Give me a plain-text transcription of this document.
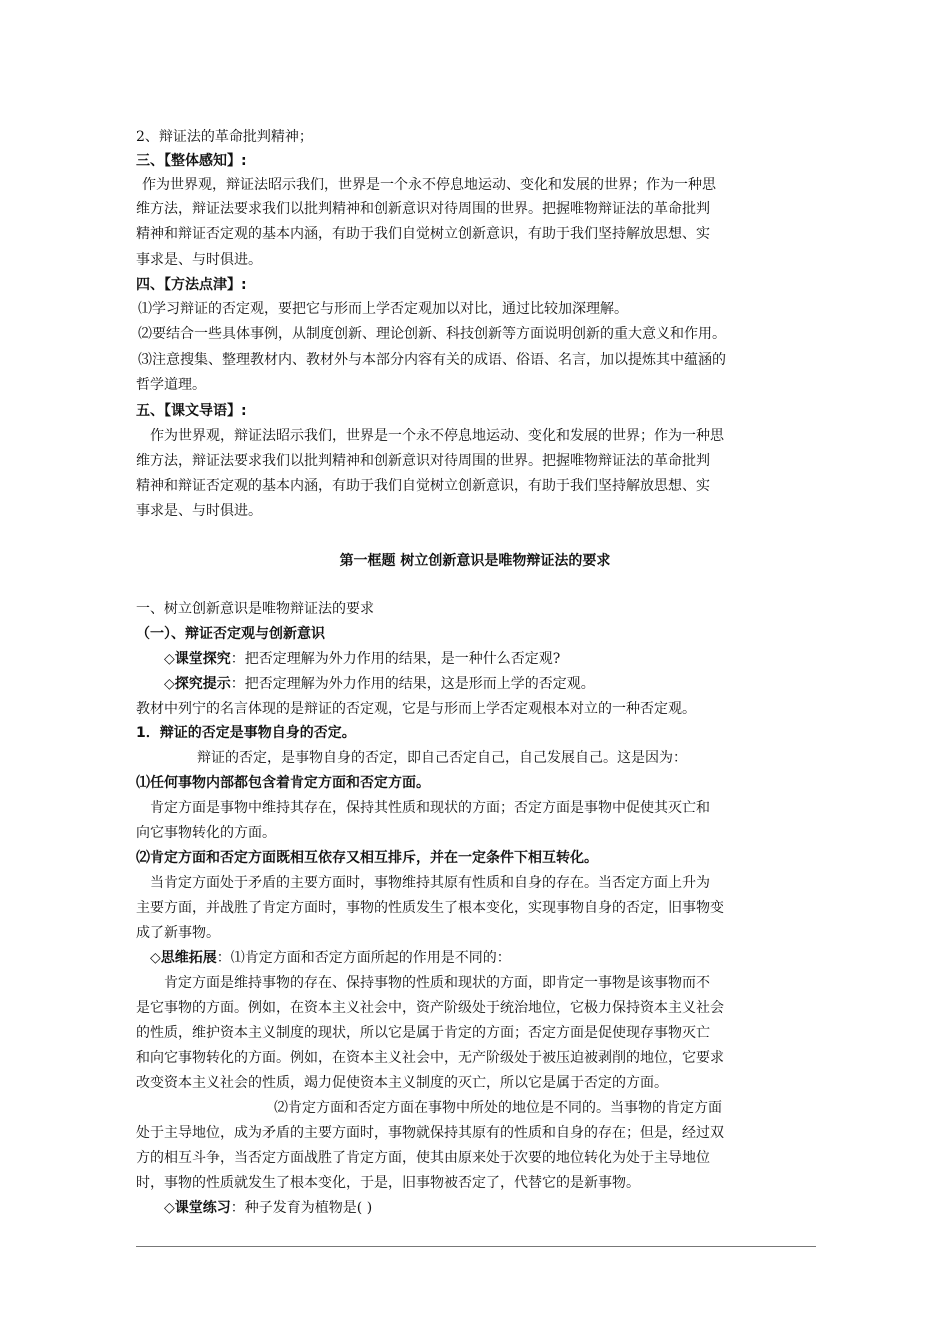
2、辩证法的革命批判精神；
三、【整体感知】:
作为世界观，辩证法昭示我们，世界是一个永不停息地运动、变化和发展的世界；作为一种思
维方法，辩证法要求我们以批判精神和创新意识对待周围的世界。把握唯物辩证法的革命批判
精神和辩证否定观的基本内涵，有助于我们自觉树立创新意识，有助于我们坚持解放思想、实
事求是、与时俱进。
四、【方法点津】:
⑴学习辩证的否定观，要把它与形而上学否定观加以对比，通过比较加深理解。
⑵要结合一些具体事例，从制度创新、理论创新、科技创新等方面说明创新的重大意义和作用。
⑶注意搜集、整理教材内、教材外与本部分内容有关的成语、俗语、名言，加以提炼其中蕴涵的
哲学道理。
五、【课文导语】:
作为世界观，辩证法昭示我们，世界是一个永不停息地运动、变化和发展的世界；作为一种思
维方法，辩证法要求我们以批判精神和创新意识对待周围的世界。把握唯物辩证法的革命批判
精神和辩证否定观的基本内涵，有助于我们自觉树立创新意识，有助于我们坚持解放思想、实
事求是、与时俱进。
第一框题 树立创新意识是唯物辩证法的要求
一、树立创新意识是唯物辩证法的要求
（一）、辩证否定观与创新意识
◇课堂探究：把否定理解为外力作用的结果，是一种什么否定观?
◇探究提示：把否定理解为外力作用的结果，这是形而上学的否定观。
教材中列宁的名言体现的是辩证的否定观，它是与形而上学否定观根本对立的一种否定观。
1．辩证的否定是事物自身的否定。
辩证的否定，是事物自身的否定，即自己否定自己，自己发展自己。这是因为：
⑴任何事物内部都包含着肯定方面和否定方面。
肯定方面是事物中维持其存在，保持其性质和现状的方面；否定方面是事物中促使其灭亡和
向它事物转化的方面。
⑵肯定方面和否定方面既相互依存又相互排斥，并在一定条件下相互转化。
当肯定方面处于矛盾的主要方面时，事物维持其原有性质和自身的存在。当否定方面上升为
主要方面，并战胜了肯定方面时，事物的性质发生了根本变化，实现事物自身的否定，旧事物变
成了新事物。
◇思维拓展：⑴肯定方面和否定方面所起的作用是不同的：
肯定方面是维持事物的存在、保持事物的性质和现状的方面，即肯定一事物是该事物而不
是它事物的方面。例如，在资本主义社会中，资产阶级处于统治地位，它极力保持资本主义社会
的性质，维护资本主义制度的现状，所以它是属于肯定的方面；否定方面是促使现存事物灭亡
和向它事物转化的方面。例如，在资本主义社会中，无产阶级处于被压迫被剥削的地位，它要求
改变资本主义社会的性质，竭力促使资本主义制度的灭亡，所以它是属于否定的方面。
⑵肯定方面和否定方面在事物中所处的地位是不同的。当事物的肯定方面
处于主导地位，成为矛盾的主要方面时，事物就保持其原有的性质和自身的存在；但是，经过双
方的相互斗争，当否定方面战胜了肯定方面，使其由原来处于次要的地位转化为处于主导地位
时，事物的性质就发生了根本变化，于是，旧事物被否定了，代替它的是新事物。
◇课堂练习：种子发育为植物是( )
